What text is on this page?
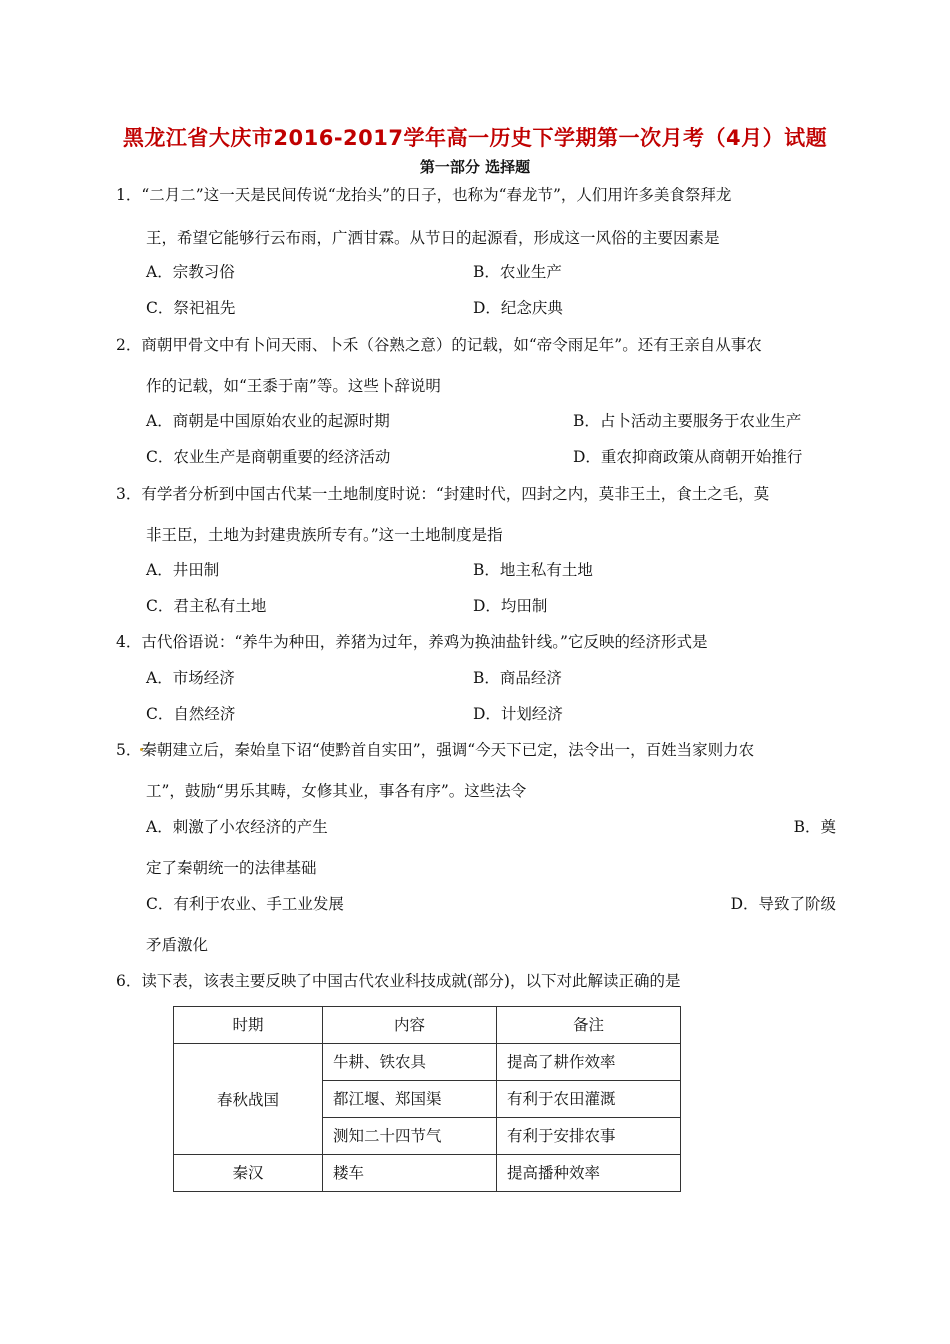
黑龙江省大庆市2016-2017学年高一历史下学期第一次月考（4月）试题
第一部分 选择题
1．“二月二”这一天是民间传说“龙抬头”的日子，也称为“春龙节”，人们用许多美食祭拜龙
王，希望它能够行云布雨，广洒甘霖。从节日的起源看，形成这一风俗的主要因素是
A．宗教习俗	B．农业生产
C．祭祀祖先	D．纪念庆典
2．商朝甲骨文中有卜问天雨、卜禾（谷熟之意）的记载，如“帝令雨足年”。还有王亲自从事农
作的记载，如“王黍于南”等。这些卜辞说明
A．商朝是中国原始农业的起源时期	B．占卜活动主要服务于农业生产
C．农业生产是商朝重要的经济活动	D．重农抑商政策从商朝开始推行
3．有学者分析到中国古代某一土地制度时说：“封建时代，四封之内，莫非王土，食土之毛，莫
非王臣，土地为封建贵族所专有。”这一土地制度是指
A．井田制	B．地主私有土地
C．君主私有土地	D．均田制
4．古代俗语说：“养牛为种田，养猪为过年，养鸡为换油盐针线。”它反映的经济形式是
A．市场经济	B．商品经济
C．自然经济	D．计划经济
5．秦朝建立后，秦始皇下诏“使黔首自实田”，强调“今天下已定，法令出一，百姓当家则力农
工”，鼓励“男乐其畴，女修其业，事各有序”。这些法令
A．刺激了小农经济的产生	B．奠
定了秦朝统一的法律基础
C．有利于农业、手工业发展	D．导致了阶级
矛盾激化
6．读下表，该表主要反映了中国古代农业科技成就(部分)，以下对此解读正确的是
时期	内容	备注
春秋战国	牛耕、铁农具	提高了耕作效率
	都江堰、郑国渠	有利于农田灌溉
	测知二十四节气	有利于安排农事
秦汉	耧车	提高播种效率
